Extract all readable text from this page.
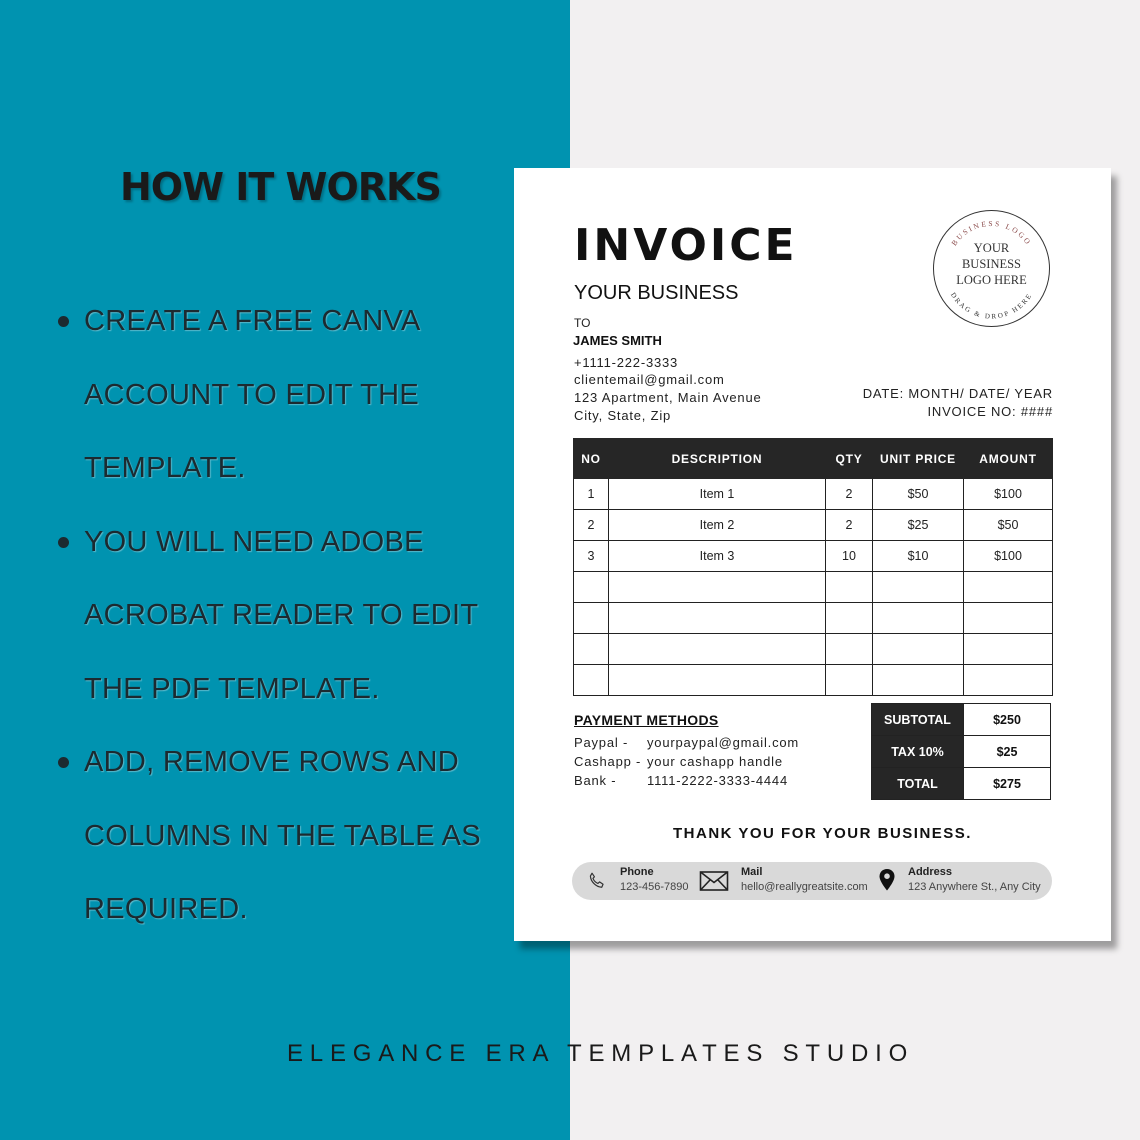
HOW IT WORKS
CREATE A FREE CANVA
ACCOUNT TO EDIT THE
TEMPLATE.
YOU WILL NEED ADOBE
ACROBAT READER TO EDIT
THE PDF TEMPLATE.
ADD, REMOVE ROWS AND
COLUMNS IN THE TABLE AS
REQUIRED.
INVOICE
YOUR BUSINESS
TO
JAMES SMITH
+1111-222-3333
clientemail@gmail.com
123 Apartment, Main Avenue
City, State, Zip
BUSINESS LOGO
DRAG & DROP HERE
YOUR
BUSINESS
LOGO HERE
DATE: MONTH/ DATE/ YEAR
INVOICE NO: ####
NO	DESCRIPTION	QTY	UNIT PRICE	AMOUNT
1	Item 1	2	$50	$100
2	Item 2	2	$25	$50
3	Item 3	10	$10	$100

PAYMENT METHODS
Paypal - yourpaypal@gmail.com
Cashapp - your cashapp handle
Bank - 1111-2222-3333-4444
SUBTOTAL	$250
TAX 10%	$25
TOTAL	$275
THANK YOU FOR YOUR BUSINESS.
Phone
123-456-7890
Mail
hello@reallygreatsite.com
Address
123 Anywhere St., Any City
ELEGANCE ERA TEMPLATES STUDIO
